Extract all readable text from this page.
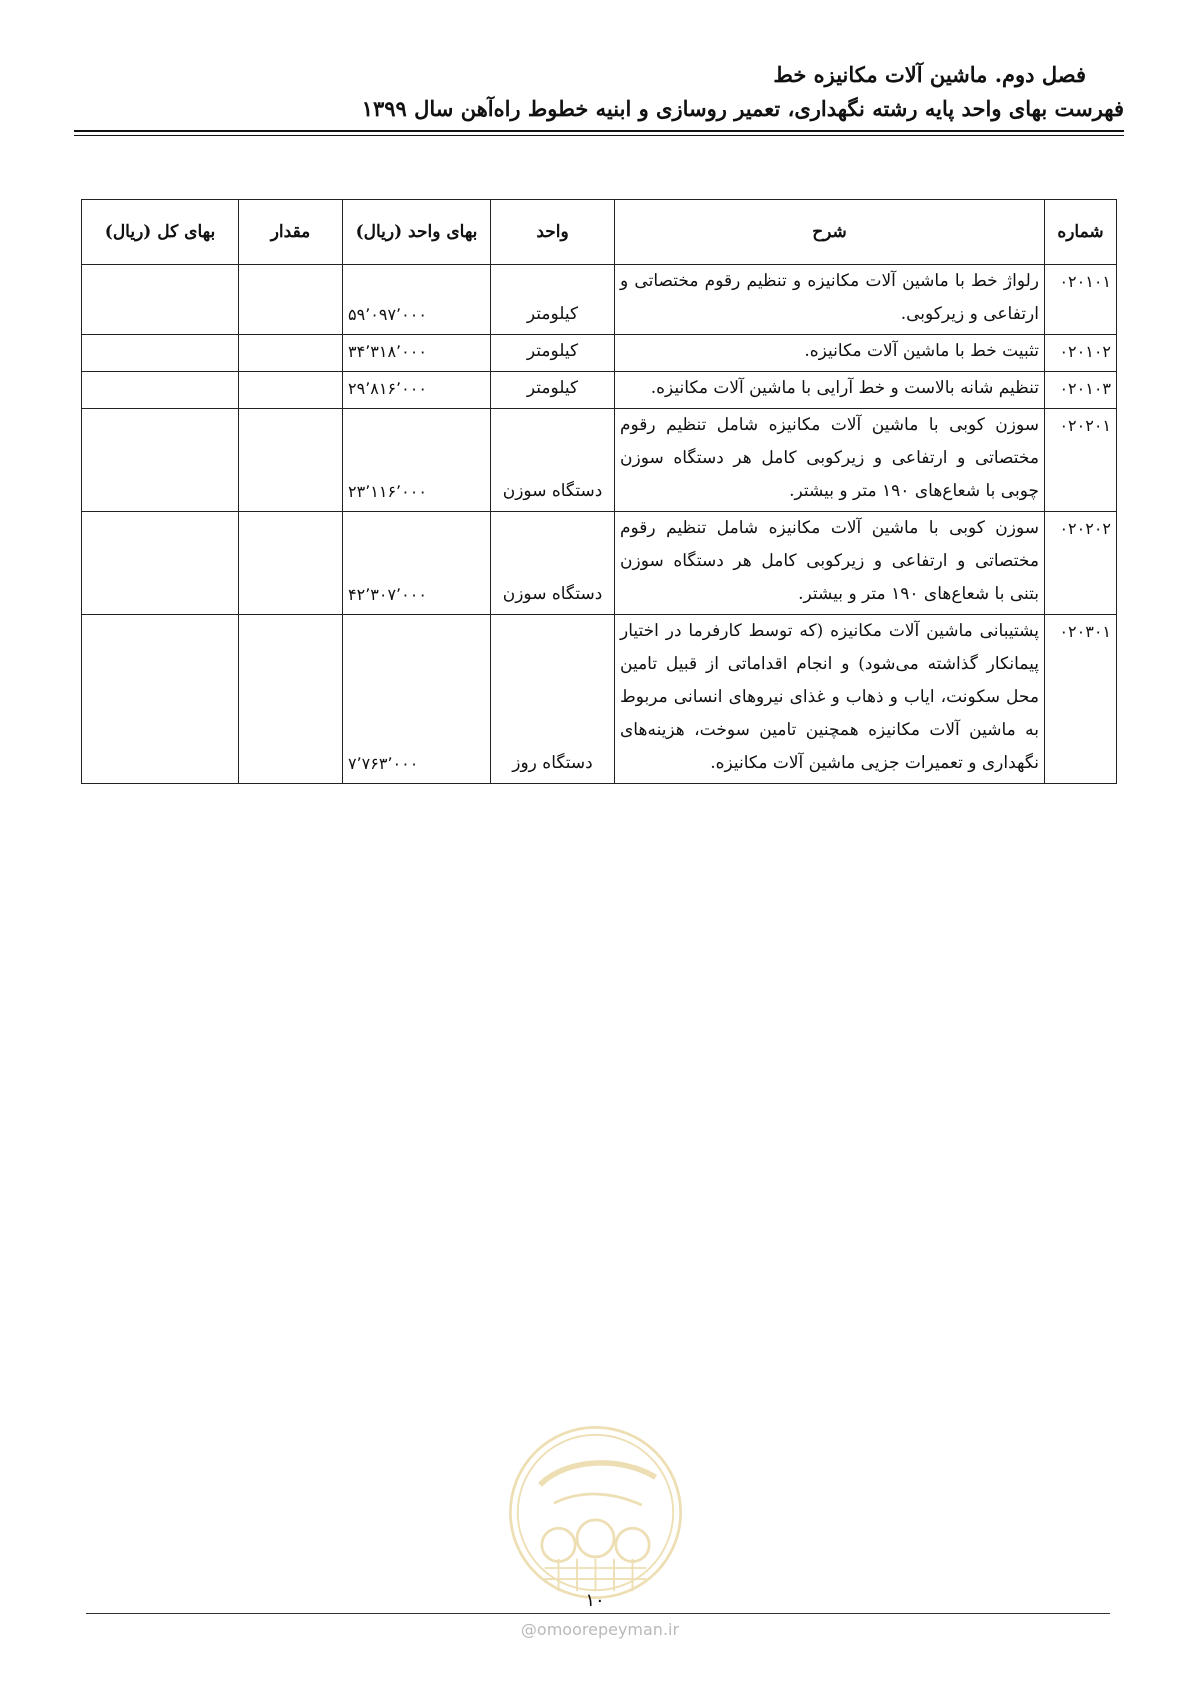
فصل دوم. ماشین آلات مکانیزه خط
فهرست بهای واحد پایه رشته نگهداری، تعمیر روسازی و ابنیه خطوط راه‌آهن سال ۱۳۹۹
شماره	شرح	واحد	بهای واحد (ریال)	مقدار	بهای کل (ریال)
۰۲۰۱۰۱	رلواژ خط با ماشین آلات مکانیزه و تنظیم رقوم مختصاتی و ارتفاعی و زیرکوبی.	کیلومتر	۵۹٬۰۹۷٬۰۰۰		
۰۲۰۱۰۲	تثبیت خط با ماشین آلات مکانیزه.	کیلومتر	۳۴٬۳۱۸٬۰۰۰		
۰۲۰۱۰۳	تنظیم شانه بالاست و خط آرایی با ماشین آلات مکانیزه.	کیلومتر	۲۹٬۸۱۶٬۰۰۰		
۰۲۰۲۰۱	سوزن کوبی با ماشین آلات مکانیزه شامل تنظیم رقوم مختصاتی و ارتفاعی و زیرکوبی کامل هر دستگاه سوزن چوبی با شعاع‌های ۱۹۰ متر و بیشتر.	دستگاه سوزن	۲۳٬۱۱۶٬۰۰۰		
۰۲۰۲۰۲	سوزن کوبی با ماشین آلات مکانیزه شامل تنظیم رقوم مختصاتی و ارتفاعی و زیرکوبی کامل هر دستگاه سوزن بتنی با شعاع‌های ۱۹۰ متر و بیشتر.	دستگاه سوزن	۴۲٬۳۰۷٬۰۰۰		
۰۲۰۳۰۱	پشتیبانی ماشین آلات مکانیزه (که توسط کارفرما در اختیار پیمانکار گذاشته می‌شود) و انجام اقداماتی از قبیل تامین محل سکونت، ایاب و ذهاب و غذای نیروهای انسانی مربوط به ماشین آلات مکانیزه همچنین تامین سوخت، هزینه‌های نگهداری و تعمیرات جزیی ماشین آلات مکانیزه.	دستگاه روز	۷٬۷۶۳٬۰۰۰		
۱۰
@omoorepeyman.ir
